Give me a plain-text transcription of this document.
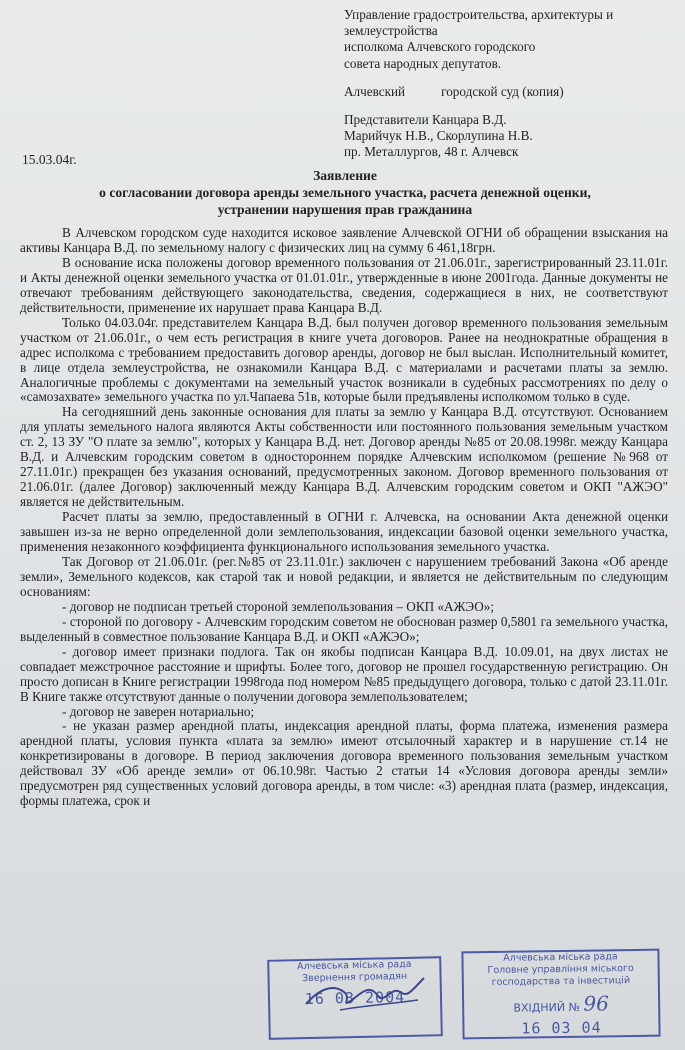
Управление градостроительства, архитектуры и
землеустройства
исполкома Алчевского городского
совета народных депутатов.
Алчевский	городской суд (копия)
Представители Канцара В.Д.
Марийчук Н.В., Скорлупина Н.В.
пр. Металлургов, 48 г. Алчевск
15.03.04г.
Заявление
о согласовании договора аренды земельного участка, расчета денежной оценки,
устранении нарушения прав гражданина

В Алчевском городском суде находится исковое заявление Алчевской ОГНИ об обращении взыскания на активы Канцара В.Д. по земельному налогу с физических лиц на сумму 6 461,18грн.

В основание иска положены договор временного пользования от 21.06.01г., зарегистрированный 23.11.01г. и Акты денежной оценки земельного участка от 01.01.01г., утвержденные в июне 2001года. Данные документы не отвечают требованиям действующего законодательства, сведения, содержащиеся в них, не соответствуют действительности, применение их нарушает права Канцара В.Д.

Только 04.03.04г. представителем Канцара В.Д. был получен договор временного пользования земельным участком от 21.06.01г., о чем есть регистрация в книге учета договоров. Ранее на неоднократные обращения в адрес исполкома с требованием предоставить договор аренды, договор не был выслан. Исполнительный комитет, в лице отдела землеустройства, не ознакомили Канцара В.Д. с материалами и расчетами платы за землю. Аналогичные проблемы с документами на земельный участок возникали в судебных рассмотрениях по делу о «самозахвате» земельного участка по ул.Чапаева 51в, которые были предъявлены исполкомом только в суде.

На сегодняшний день законные основания для платы за землю у Канцара В.Д. отсутствуют. Основанием для уплаты земельного налога являются Акты собственности или постоянного пользования земельным участком ст. 2, 13 ЗУ "О плате за землю", которых у Канцара В.Д. нет. Договор аренды №85 от 20.08.1998г. между Канцара В.Д. и Алчевским городским советом в одностороннем порядке Алчевским исполкомом (решение №968 от 27.11.01г.) прекращен без указания оснований, предусмотренных законом. Договор временного пользования от 21.06.01г. (далее Договор) заключенный между Канцара В.Д. Алчевским городским советом и ОКП "АЖЭО" является не действительным.

Расчет платы за землю, предоставленный в ОГНИ г. Алчевска, на основании Акта денежной оценки завышен из-за не верно определенной доли землепользования, индексации базовой оценки земельного участка, применения незаконного коэффициента функционального использования земельного участка.

Так Договор от 21.06.01г. (рег.№85 от 23.11.01г.) заключен с нарушением требований Закона «Об аренде земли», Земельного кодексов, как старой так и новой редакции, и является не действительным по следующим основаниям:

- договор не подписан третьей стороной землепользования – ОКП «АЖЭО»;

- стороной по договору - Алчевским городским советом не обоснован размер 0,5801 га земельного участка, выделенный в совместное пользование Канцара В.Д. и ОКП «АЖЭО»;

- договор имеет признаки подлога. Так он якобы подписан Канцара В.Д. 10.09.01, на двух листах не совпадает межстрочное расстояние и шрифты. Более того, договор не прошел государственную регистрацию. Он просто дописан в Книге регистрации 1998года под номером №85 предыдущего договора, только с датой 23.11.01г. В Книге также отсутствуют данные о получении договора землепользователем;

- договор не заверен нотариально;

- не указан размер арендной платы, индексация арендной платы, форма платежа, изменения размера арендной платы, условия пункта «плата за землю» имеют отсылочный характер и в нарушение ст.14 не конкретизированы в договоре. В период заключения договора временного пользования земельным участком действовал ЗУ «Об аренде земли» от 06.10.98г. Частью 2 статьи 14 «Условия договора аренды земли» предусмотрен ряд существенных условий договора аренды, в том числе: «3) арендная плата (размер, индексация, формы платежа, срок и

Алчевська міська рада
Звернення громадян
16 03 2004
Алчевська міська рада
Головне управління міського
господарства та інвестицій
ВХІДНИЙ № 96
16 03 04
